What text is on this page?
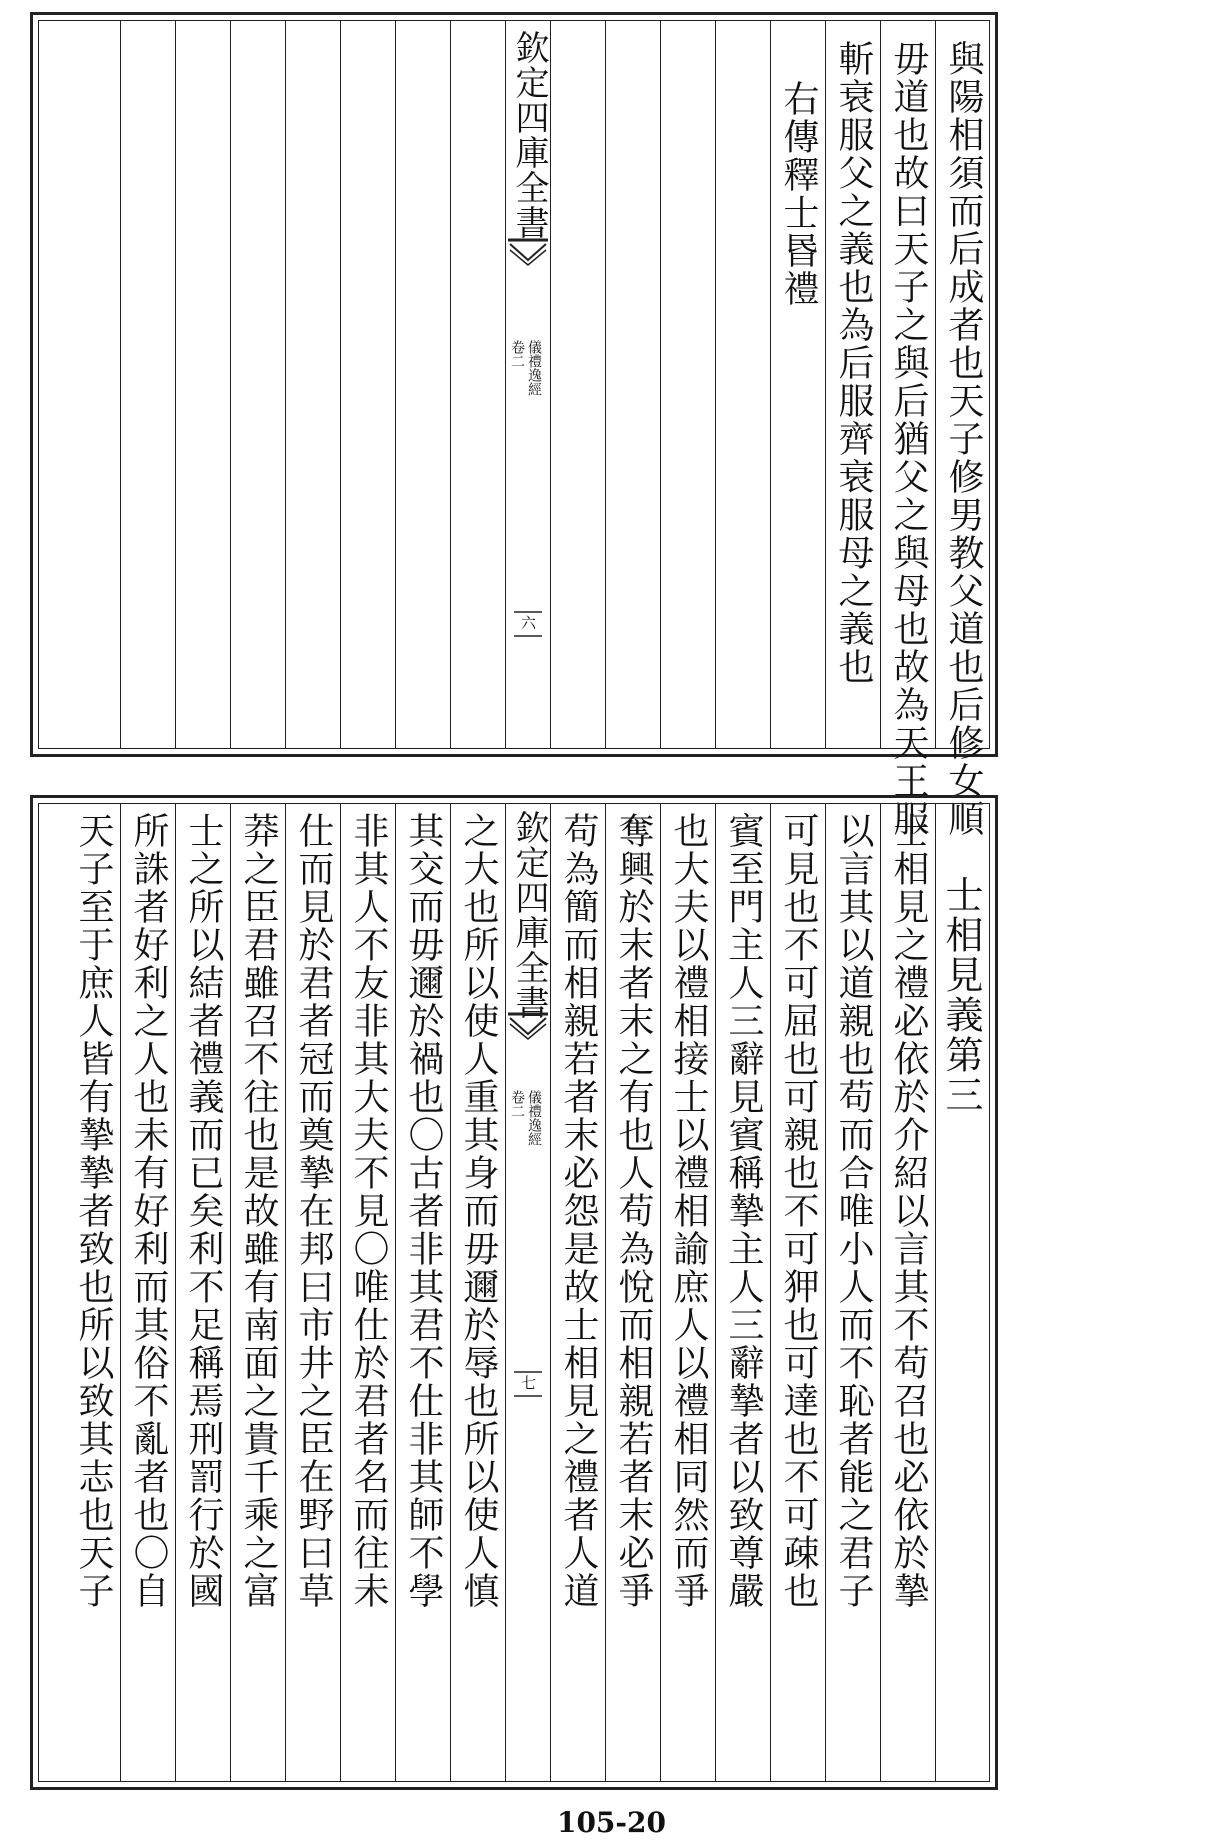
與陽相須而后成者也天子修男教父道也后修女順
毋道也故曰天子之與后猶父之與母也故為天王服
斬衰服父之義也為后服齊衰服母之義也
右傳釋士昬禮
欽定四庫全書
儀禮逸經
卷二
六
士相見義第三
士相見之禮必依於介紹以言其不苟召也必依於摯
以言其以道親也苟而合唯小人而不恥者能之君子
可見也不可屈也可親也不可狎也可達也不可疎也
賓至門主人三辭見賓稱摯主人三辭摯者以致尊嚴
也大夫以禮相接士以禮相諭庶人以禮相同然而爭
奪興於末者末之有也人苟為悅而相親若者末必爭
苟為簡而相親若者末必怨是故士相見之禮者人道
欽定四庫全書
儀禮逸經
卷二
七
之大也所以使人重其身而毋邇於辱也所以使人慎
其交而毋邇於禍也〇古者非其君不仕非其師不學
非其人不友非其大夫不見〇唯仕於君者名而往未
仕而見於君者冠而奠摯在邦曰市井之臣在野曰草
莽之臣君雖召不往也是故雖有南面之貴千乘之富
士之所以結者禮義而已矣利不足稱焉刑罰行於國
所誅者好利之人也未有好利而其俗不亂者也〇自
天子至于庶人皆有摯摯者致也所以致其志也天子
105-20
